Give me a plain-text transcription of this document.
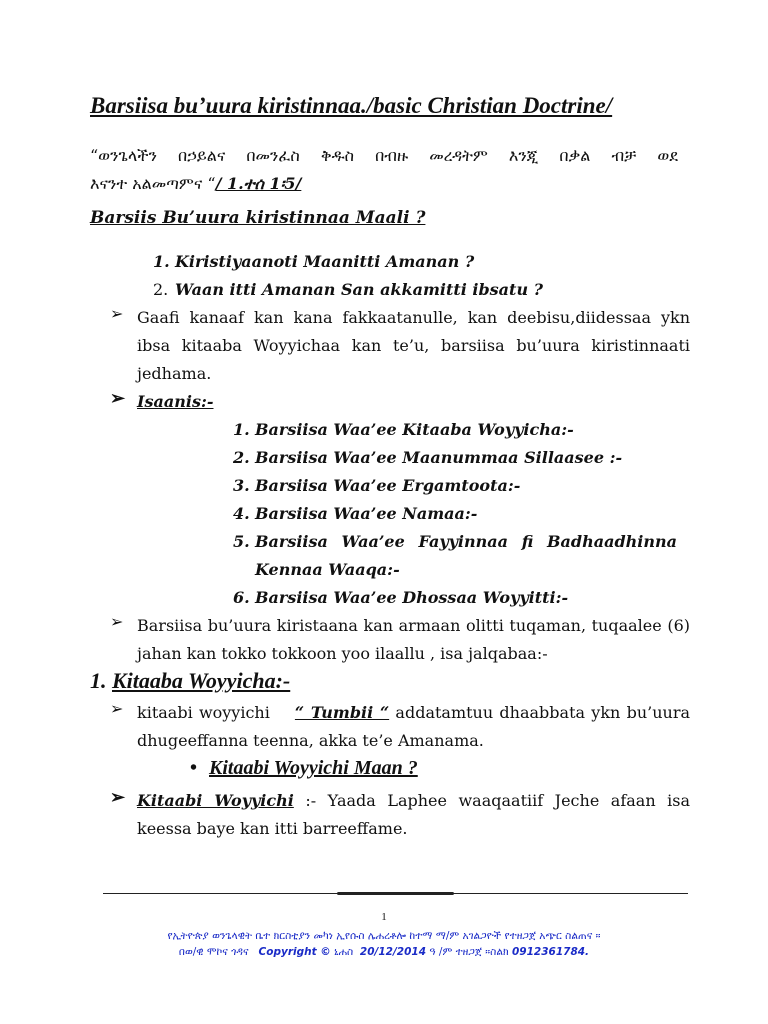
Barsiisa bu’uura kiristinnaa./basic Christian Doctrine/
“ወንጌላችን በኃይልና በመንፈስ ቅዱስ በብዙ መረዳትም እንጂ በቃል ብቻ ወደ
እናንተ አልመጣምና “/ 1.ተሰ 1፡5/
Barsiis Bu’uura kiristinnaa Maali ?
1. Kiristiyaanoti Maanitti Amanan ?
2. Waan itti Amanan San akkamitti ibsatu ?
➢ Gaafi kanaaf kan kana fakkaatanulle, kan deebisu,diidessaa ykn ibsa kitaaba Woyyichaa kan te’u, barsiisa bu’uura kiristinnaati jedhama.
➢ Isaanis:-
1. Barsiisa Waa’ee Kitaaba Woyyicha:-
2. Barsiisa Waa’ee Maanummaa Sillaasee :-
3. Barsiisa Waa’ee Ergamtoota:-
4. Barsiisa Waa’ee Namaa:-
5. Barsiisa Waa’ee Fayyinnaa fi Badhaadhinna
Kennaa Waaqa:-
6. Barsiisa Waa’ee Dhossaa Woyyitti:-
➢ Barsiisa bu’uura kiristaana kan armaan olitti tuqaman, tuqaalee (6) jahan kan tokko tokkoon yoo ilaallu , isa jalqabaa:-
1. Kitaaba Woyyicha:-
➢ kitaabi woyyichi “ Tumbii “ addatamtuu dhaabbata ykn bu’uura dhugeeffanna teenna, akka te’e Amanama.
• Kitaabi Woyyichi Maan ?
➢ Kitaabi Woyyichi :- Yaada Laphee waaqaatiif Jeche afaan isa keessa baye kan itti barreeffame.
1
የኢትዮጵያ ወንጌላዊት ቤተ ክርስቲያን መካነ ኢየሱስ ሌሐረቶሎ ከተማ ማ/ም አገልጋዮች የተዘጋጀ አጭር ስልጠና ።
በወ/ዊ ሞኮና ጎዳና Copyright © ኒሐስ 20/12/2014 ዓ /ም ተዘጋጀ ።ስልክ 0912361784.
